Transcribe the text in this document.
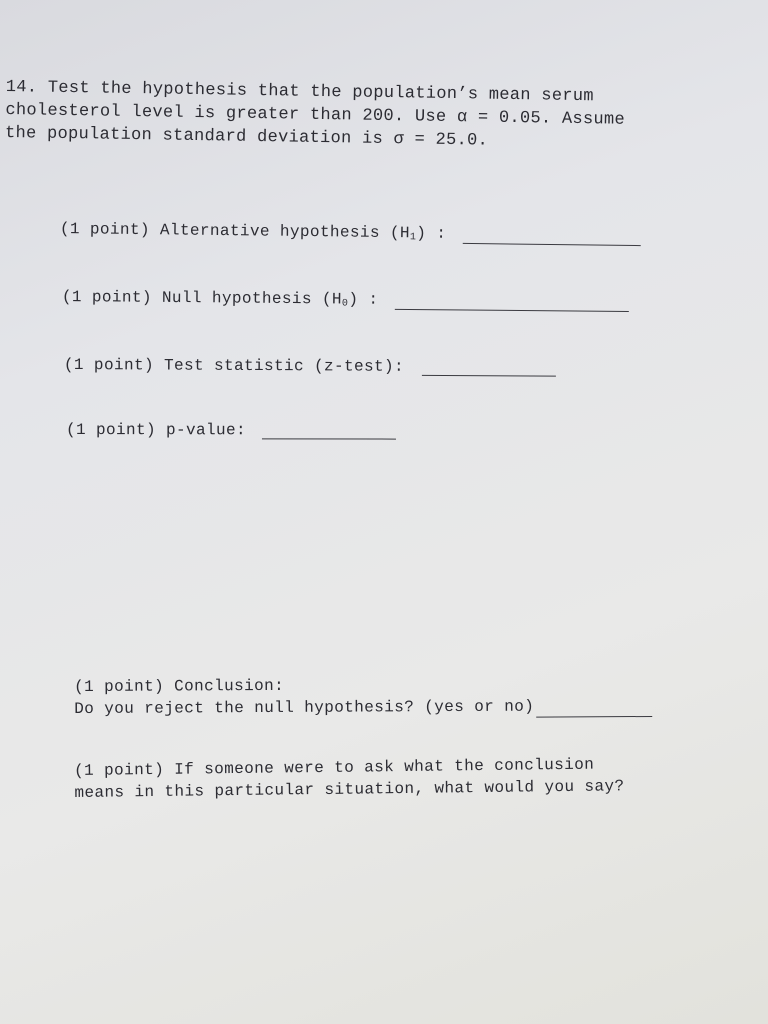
14. Test the hypothesis that the population’s mean serum
cholesterol level is greater than 200. Use α = 0.05. Assume
the population standard deviation is σ = 25.0.
(1 point) Alternative hypothesis $(H_1)$ :
(1 point) Null hypothesis $(H_0)$ :
(1 point) Test statistic (z-test):
(1 point) p-value:
(1 point) Conclusion:
Do you reject the null hypothesis? (yes or no)
(1 point) If someone were to ask what the conclusion
means in this particular situation, what would you say?
